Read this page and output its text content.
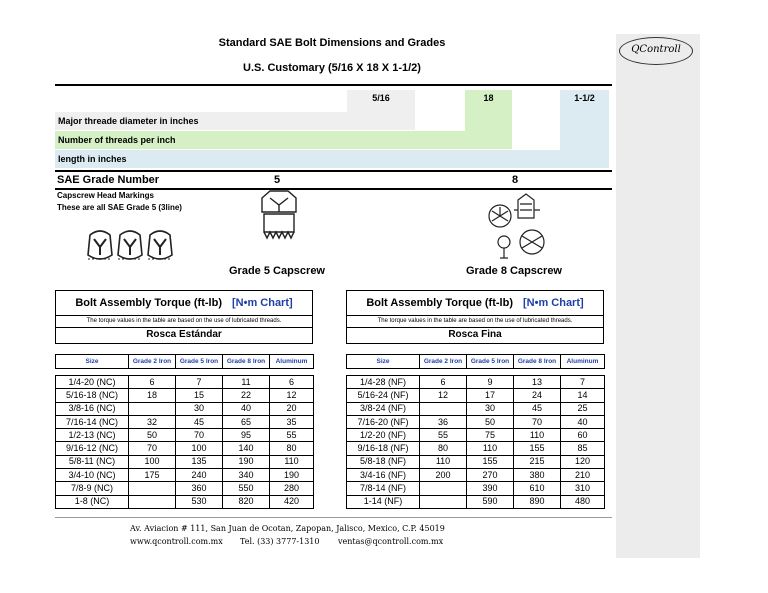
QControll
Standard SAE Bolt Dimensions and Grades
U.S. Customary (5/16 X 18 X 1-1/2)
5/16	18	1-1/2
Major threade diameter in inches
Number of threads per inch
length in inches
SAE Grade Number	5	8
Capscrew Head Markings
These are all SAE Grade 5 (3line)
Grade 5 Capscrew	Grade 8 Capscrew
Bolt Assembly Torque (ft-lb) [N•m Chart]
The torque values in the table are based on the use of lubricated threads.
Rosca Estándar
Size	Grade 2 Iron	Grade 5 Iron	Grade 8 Iron	Aluminum

1/4-20 (NC)	6	7	11	6
5/16-18 (NC)	18	15	22	12
3/8-16 (NC)		30	40	20
7/16-14 (NC)	32	45	65	35
1/2-13 (NC)	50	70	95	55
9/16-12 (NC)	70	100	140	80
5/8-11 (NC)	100	135	190	110
3/4-10 (NC)	175	240	340	190
7/8-9 (NC)		360	550	280
1-8 (NC)		530	820	420
Bolt Assembly Torque (ft-lb) [N•m Chart]
The torque values in the table are based on the use of lubricated threads.
Rosca Fina
Size	Grade 2 Iron	Grade 5 Iron	Grade 8 Iron	Aluminum

1/4-28 (NF)	6	9	13	7
5/16-24 (NF)	12	17	24	14
3/8-24 (NF)		30	45	25
7/16-20 (NF)	36	50	70	40
1/2-20 (NF)	55	75	110	60
9/16-18 (NF)	80	110	155	85
5/8-18 (NF)	110	155	215	120
3/4-16 (NF)	200	270	380	210
7/8-14 (NF)		390	610	310
1-14 (NF)		590	890	480
Av. Aviacion # 111, San Juan de Ocotan, Zapopan, Jalisco, Mexico, C.P. 45019
www.qcontroll.com.mx Tel. (33) 3777-1310 ventas@qcontroll.com.mx
